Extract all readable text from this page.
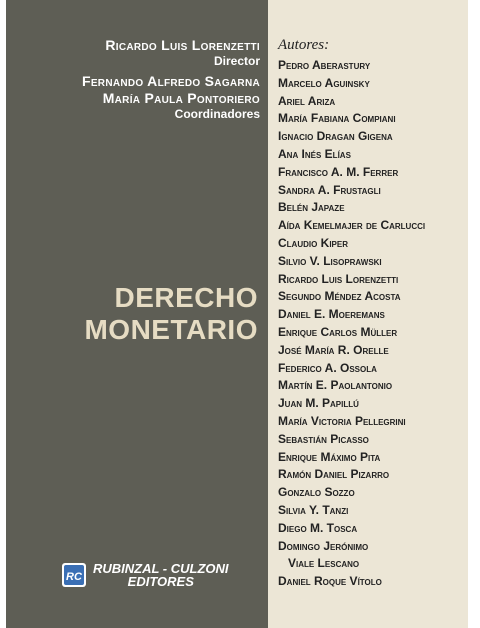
Ricardo Luis Lorenzetti
Director
Fernando Alfredo Sagarna
María Paula Pontoriero
Coordinadores
DERECHO
MONETARIO
RC
RUBINZAL - CULZONI
EDITORES
Autores:
Pedro Aberastury
Marcelo Aguinsky
Ariel Ariza
María Fabiana Compiani
Ignacio Dragan Gigena
Ana Inés Elías
Francisco A. M. Ferrer
Sandra A. Frustagli
Belén Japaze
Aída Kemelmajer de Carlucci
Claudio Kiper
Silvio V. Lisoprawski
Ricardo Luis Lorenzetti
Segundo Méndez Acosta
Daniel E. Moeremans
Enrique Carlos Müller
José María R. Orelle
Federico A. Ossola
Martín E. Paolantonio
Juan M. Papillú
María Victoria Pellegrini
Sebastián Picasso
Enrique Máximo Pita
Ramón Daniel Pizarro
Gonzalo Sozzo
Silvia Y. Tanzi
Diego M. Tosca
Domingo Jerónimo
Viale Lescano
Daniel Roque Vítolo
